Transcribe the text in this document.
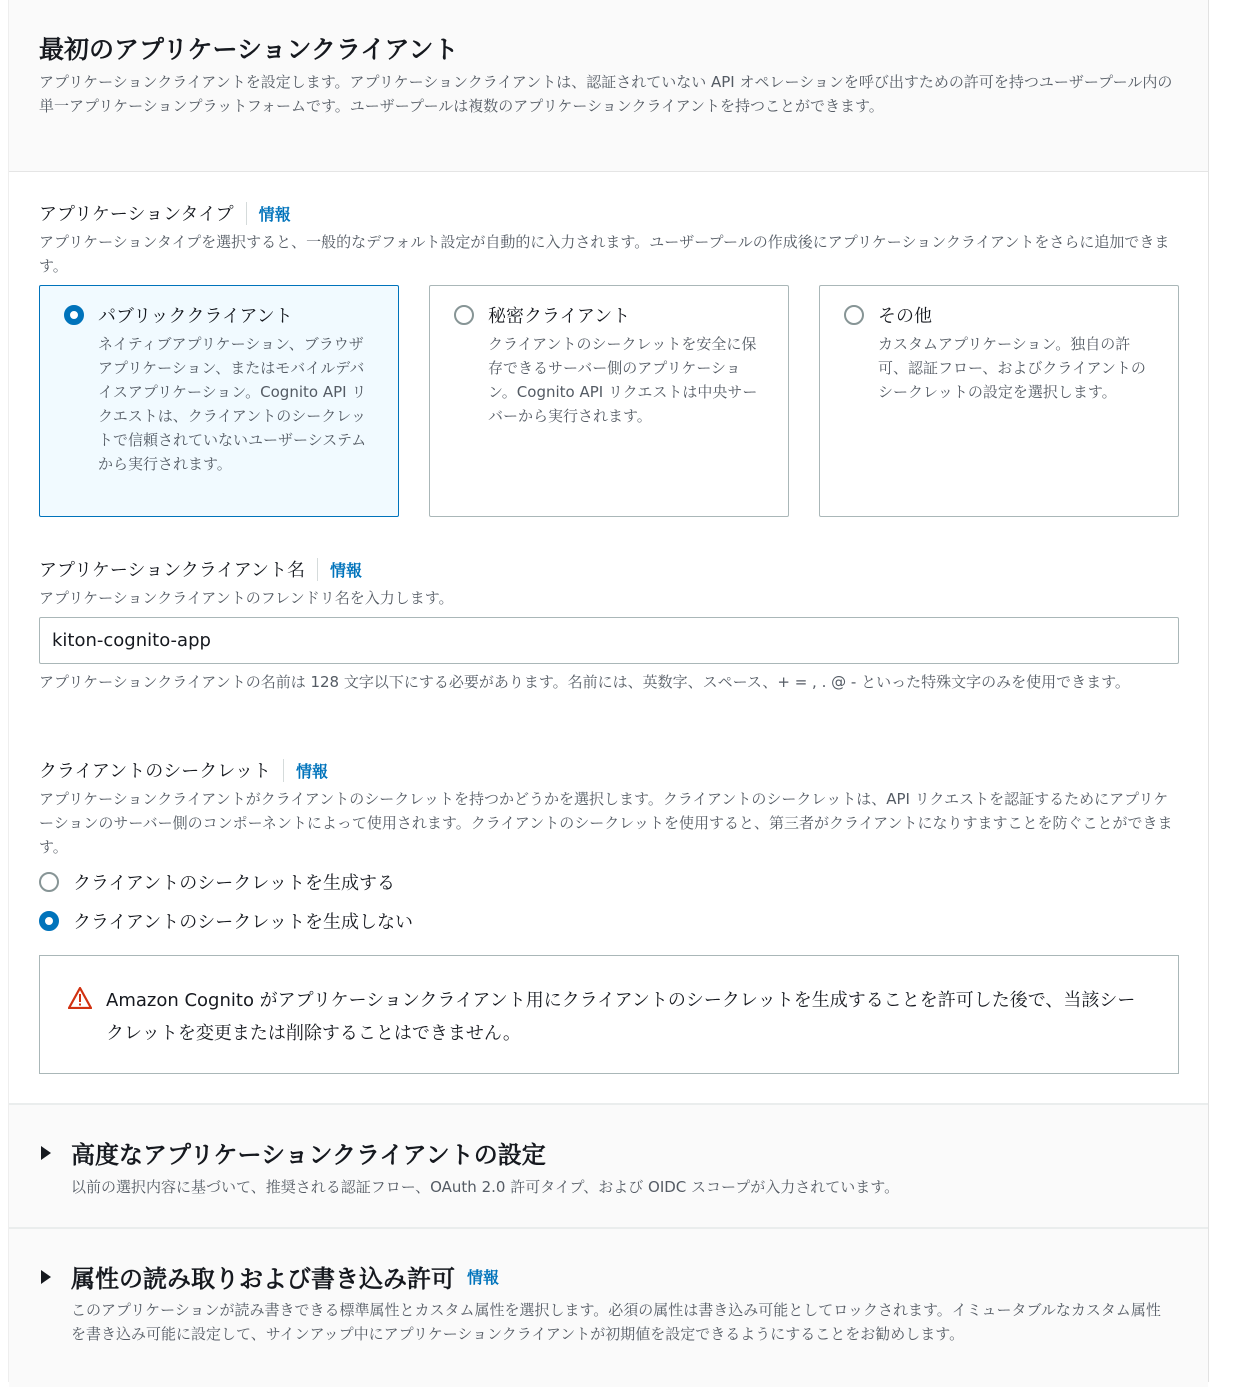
最初のアプリケーションクライアント

アプリケーションクライアントを設定します。アプリケーションクライアントは、認証されていない API オペレーションを呼び出すための許可を持つユーザープール内の単一アプリケーションプラットフォームです。ユーザープールは複数のアプリケーションクライアントを持つことができます。

アプリケーションタイプ	情報

アプリケーションタイプを選択すると、一般的なデフォルト設定が自動的に入力されます。ユーザープールの作成後にアプリケーションクライアントをさらに追加できます。

パブリッククライアント

ネイティブアプリケーション、ブラウザアプリケーション、またはモバイルデバイスアプリケーション。Cognito API リクエストは、クライアントのシークレットで信頼されていないユーザーシステムから実行されます。

秘密クライアント

クライアントのシークレットを安全に保存できるサーバー側のアプリケーション。Cognito API リクエストは中央サーバーから実行されます。

その他

カスタムアプリケーション。独自の許可、認証フロー、およびクライアントのシークレットの設定を選択します。

アプリケーションクライアント名	情報

アプリケーションクライアントのフレンドリ名を入力します。

kiton-cognito-app

アプリケーションクライアントの名前は 128 文字以下にする必要があります。名前には、英数字、スペース、+ = , . @ - といった特殊文字のみを使用できます。

クライアントのシークレット	情報

アプリケーションクライアントがクライアントのシークレットを持つかどうかを選択します。クライアントのシークレットは、API リクエストを認証するためにアプリケーションのサーバー側のコンポーネントによって使用されます。クライアントのシークレットを使用すると、第三者がクライアントになりすますことを防ぐことができます。

クライアントのシークレットを生成する
クライアントのシークレットを生成しない
Amazon Cognito がアプリケーションクライアント用にクライアントのシークレットを生成することを許可した後で、当該シークレットを変更または削除することはできません。
高度なアプリケーションクライアントの設定

以前の選択内容に基づいて、推奨される認証フロー、OAuth 2.0 許可タイプ、および OIDC スコープが入力されています。

属性の読み取りおよび書き込み許可 情報

このアプリケーションが読み書きできる標準属性とカスタム属性を選択します。必須の属性は書き込み可能としてロックされます。イミュータブルなカスタム属性を書き込み可能に設定して、サインアップ中にアプリケーションクライアントが初期値を設定できるようにすることをお勧めします。
